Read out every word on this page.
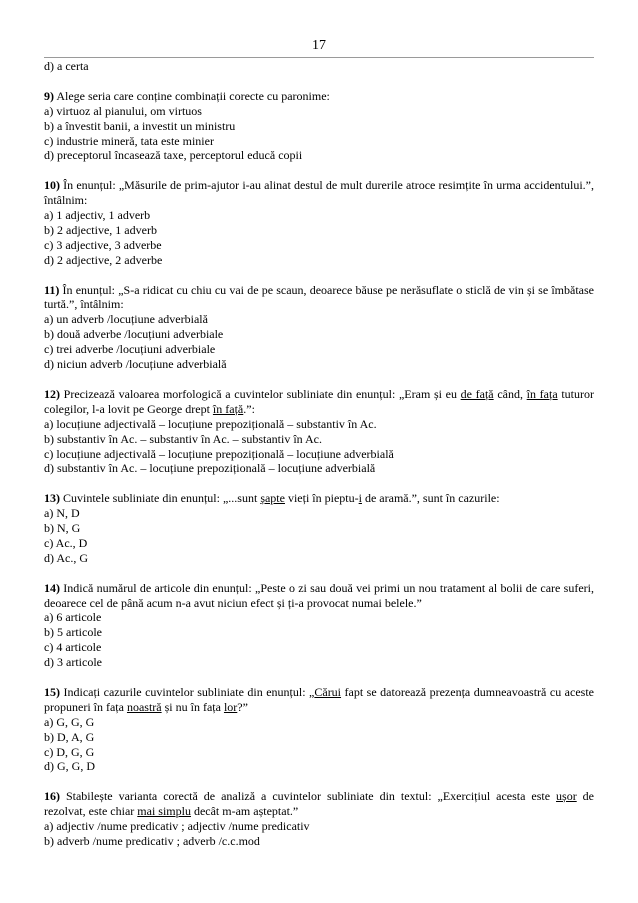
17
d) a certa
9) Alege seria care conține combinații corecte cu paronime:
a) virtuoz al pianului, om virtuos
b) a învestit banii, a investit un ministru
c) industrie mineră, tata este minier
d) preceptorul încasează taxe, perceptorul educă copii
10) În enunțul: „Măsurile de prim-ajutor i-au alinat destul de mult durerile atroce resimțite în urma accidentului.”, întâlnim:
a) 1 adjectiv, 1 adverb
b) 2 adjective, 1 adverb
c) 3 adjective, 3 adverbe
d) 2 adjective, 2 adverbe
11) În enunțul: „S-a ridicat cu chiu cu vai de pe scaun, deoarece băuse pe nerăsuflate o sticlă de vin și se îmbătase turtă.”, întâlnim:
a) un adverb /locuțiune adverbială
b) două adverbe /locuțiuni adverbiale
c) trei adverbe /locuțiuni adverbiale
d) niciun adverb /locuțiune adverbială
12) Precizează valoarea morfologică a cuvintelor subliniate din enunțul: „Eram și eu de față când, în fața tuturor colegilor, l-a lovit pe George drept în față.”:
a) locuțiune adjectivală – locuțiune prepozițională – substantiv în Ac.
b) substantiv în Ac. – substantiv în Ac. – substantiv în Ac.
c) locuțiune adjectivală – locuțiune prepozițională – locuțiune adverbială
d) substantiv în Ac. – locuțiune prepozițională – locuțiune adverbială
13) Cuvintele subliniate din enunțul: „...sunt șapte vieți în pieptu-i de aramă.”, sunt în cazurile:
a) N, D
b) N, G
c) Ac., D
d) Ac., G
14) Indică numărul de articole din enunțul: „Peste o zi sau două vei primi un nou tratament al bolii de care suferi, deoarece cel de până acum n-a avut niciun efect și ți-a provocat numai belele.”
a) 6 articole
b) 5 articole
c) 4 articole
d) 3 articole
15) Indicați cazurile cuvintelor subliniate din enunțul: „Cărui fapt se datorează prezența dumneavoastră cu aceste propuneri în fața noastră și nu în fața lor?”
a) G, G, G
b) D, A, G
c) D, G, G
d) G, G, D
16) Stabilește varianta corectă de analiză a cuvintelor subliniate din textul: „Exercițiul acesta este ușor de rezolvat, este chiar mai simplu decât m-am așteptat.”
a) adjectiv /nume predicativ ; adjectiv /nume predicativ
b) adverb /nume predicativ ; adverb /c.c.mod
